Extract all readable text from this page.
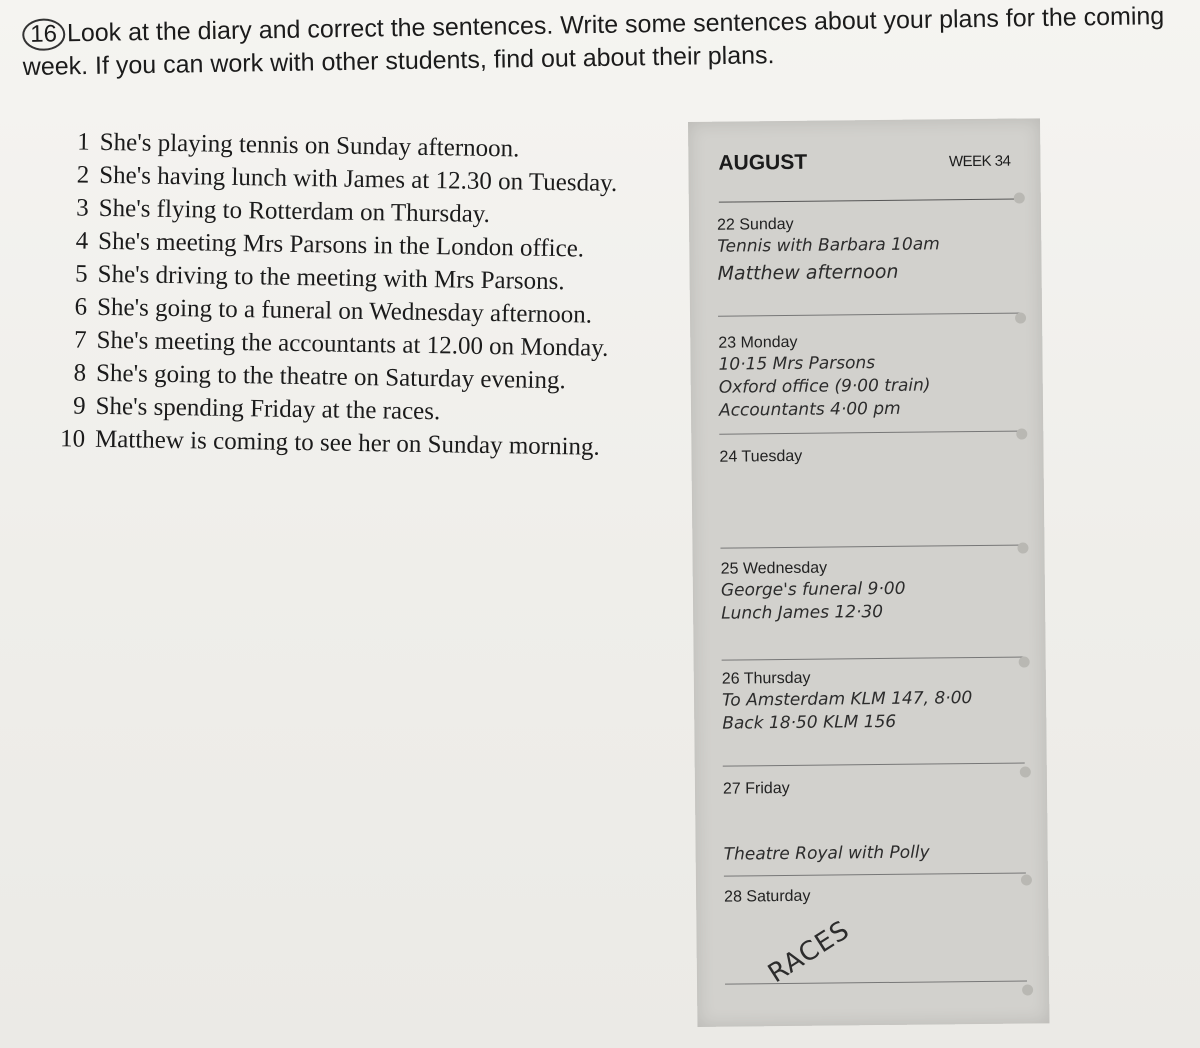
16 Look at the diary and correct the sentences. Write some sentences about your plans for the coming week. If you can work with other students, find out about their plans.
1 She's playing tennis on Sunday afternoon.
2 She's having lunch with James at 12.30 on Tuesday.
3 She's flying to Rotterdam on Thursday.
4 She's meeting Mrs Parsons in the London office.
5 She's driving to the meeting with Mrs Parsons.
6 She's going to a funeral on Wednesday afternoon.
7 She's meeting the accountants at 12.00 on Monday.
8 She's going to the theatre on Saturday evening.
9 She's spending Friday at the races.
10 Matthew is coming to see her on Sunday morning.
AUGUST	WEEK 34
22 Sunday
Tennis with Barbara 10am
Matthew afternoon
23 Monday
10·15 Mrs Parsons
Oxford office (9·00 train)
Accountants 4·00 pm
24 Tuesday
25 Wednesday
George's funeral 9·00
Lunch James 12·30
26 Thursday
To Amsterdam KLM 147, 8·00
Back 18·50 KLM 156
27 Friday
Theatre Royal with Polly
28 Saturday
RACES
